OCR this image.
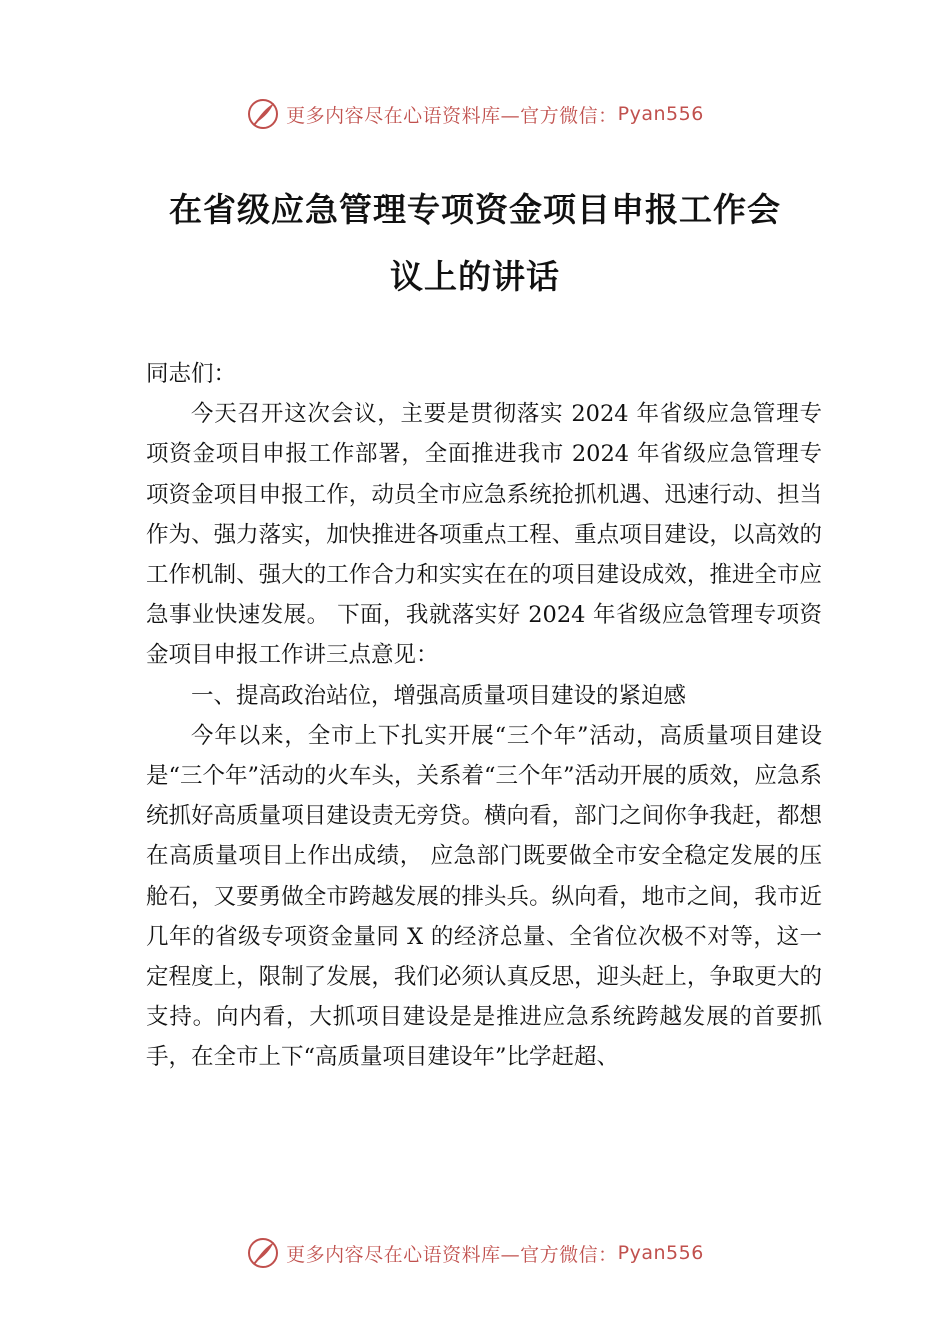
更多内容尽在心语资料库—官方微信： Pyan556
在省级应急管理专项资金项目申报工作会
议上的讲话

同志们：

今天召开这次会议，主要是贯彻落实 2024 年省级应急管理专项资金项目申报工作部署，全面推进我市 2024 年省级应急管理专项资金项目申报工作，动员全市应急系统抢抓机遇、迅速行动、担当作为、强力落实，加快推进各项重点工程、重点项目建设，以高效的工作机制、强大的工作合力和实实在在的项目建设成效，推进全市应急事业快速发展。 下面，我就落实好 2024 年省级应急管理专项资金项目申报工作讲三点意见：

一、提高政治站位，增强高质量项目建设的紧迫感

今年以来，全市上下扎实开展“三个年”活动，高质量项目建设是“三个年”活动的火车头，关系着“三个年”活动开展的质效，应急系统抓好高质量项目建设责无旁贷。横向看，部门之间你争我赶，都想在高质量项目上作出成绩， 应急部门既要做全市安全稳定发展的压舱石，又要勇做全市跨越发展的排头兵。纵向看，地市之间，我市近几年的省级专项资金量同 X 的经济总量、全省位次极不对等，这一定程度上，限制了发展，我们必须认真反思，迎头赶上，争取更大的支持。向内看，大抓项目建设是是推进应急系统跨越发展的首要抓手，在全市上下“高质量项目建设年”比学赶超、

更多内容尽在心语资料库—官方微信： Pyan556
